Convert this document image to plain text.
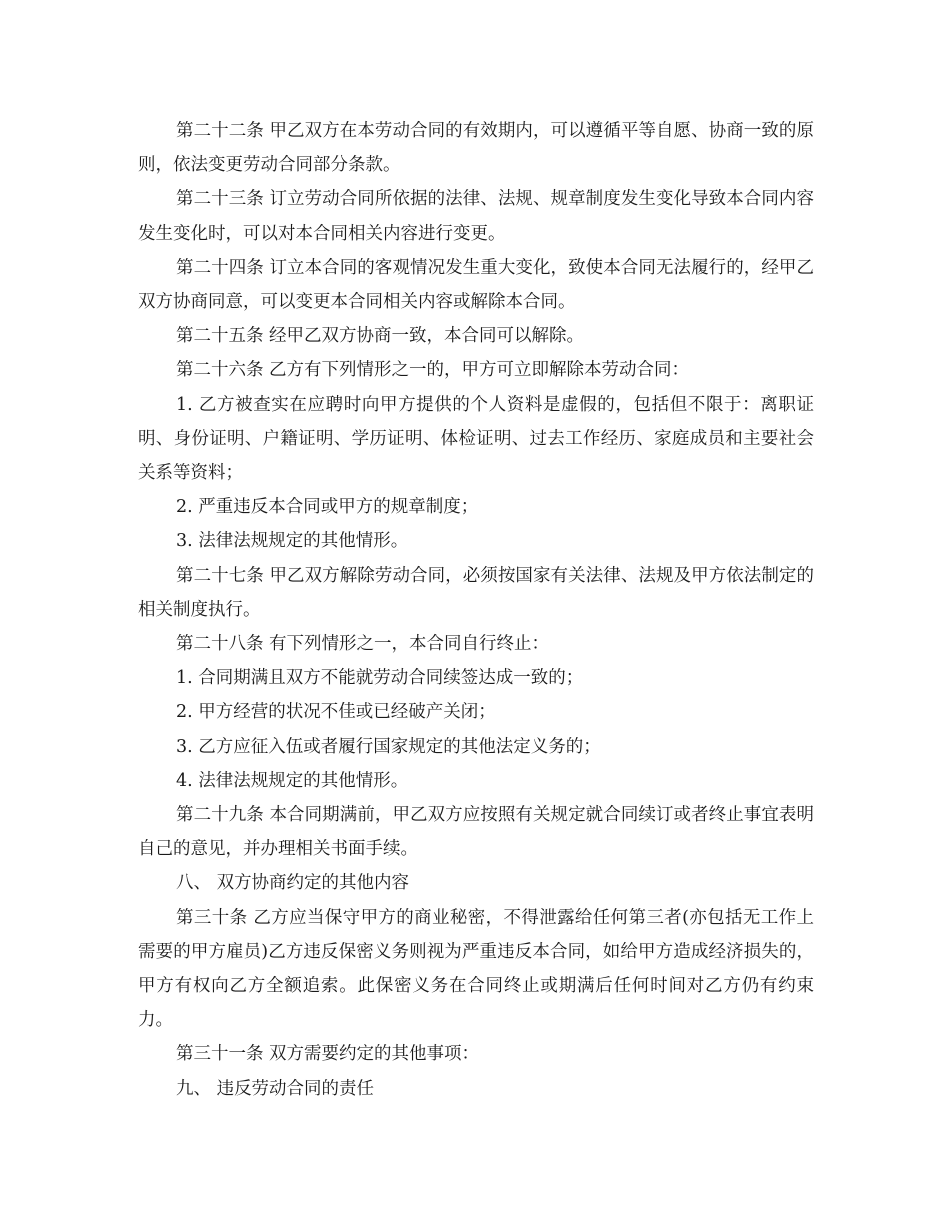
第二十二条 甲乙双方在本劳动合同的有效期内，可以遵循平等自愿、协商一致的原则，依法变更劳动合同部分条款。

第二十三条 订立劳动合同所依据的法律、法规、规章制度发生变化导致本合同内容发生变化时，可以对本合同相关内容进行变更。

第二十四条 订立本合同的客观情况发生重大变化，致使本合同无法履行的，经甲乙双方协商同意，可以变更本合同相关内容或解除本合同。

第二十五条 经甲乙双方协商一致，本合同可以解除。

第二十六条 乙方有下列情形之一的，甲方可立即解除本劳动合同：

1. 乙方被查实在应聘时向甲方提供的个人资料是虚假的，包括但不限于：离职证明、身份证明、户籍证明、学历证明、体检证明、过去工作经历、家庭成员和主要社会关系等资料；

2. 严重违反本合同或甲方的规章制度；

3. 法律法规规定的其他情形。

第二十七条 甲乙双方解除劳动合同，必须按国家有关法律、法规及甲方依法制定的相关制度执行。

第二十八条 有下列情形之一，本合同自行终止：

1. 合同期满且双方不能就劳动合同续签达成一致的；

2. 甲方经营的状况不佳或已经破产关闭；

3. 乙方应征入伍或者履行国家规定的其他法定义务的；

4. 法律法规规定的其他情形。

第二十九条 本合同期满前，甲乙双方应按照有关规定就合同续订或者终止事宜表明自己的意见，并办理相关书面手续。

八、 双方协商约定的其他内容

第三十条 乙方应当保守甲方的商业秘密，不得泄露给任何第三者(亦包括无工作上需要的甲方雇员)乙方违反保密义务则视为严重违反本合同，如给甲方造成经济损失的，甲方有权向乙方全额追索。此保密义务在合同终止或期满后任何时间对乙方仍有约束力。

第三十一条 双方需要约定的其他事项：

九、 违反劳动合同的责任
